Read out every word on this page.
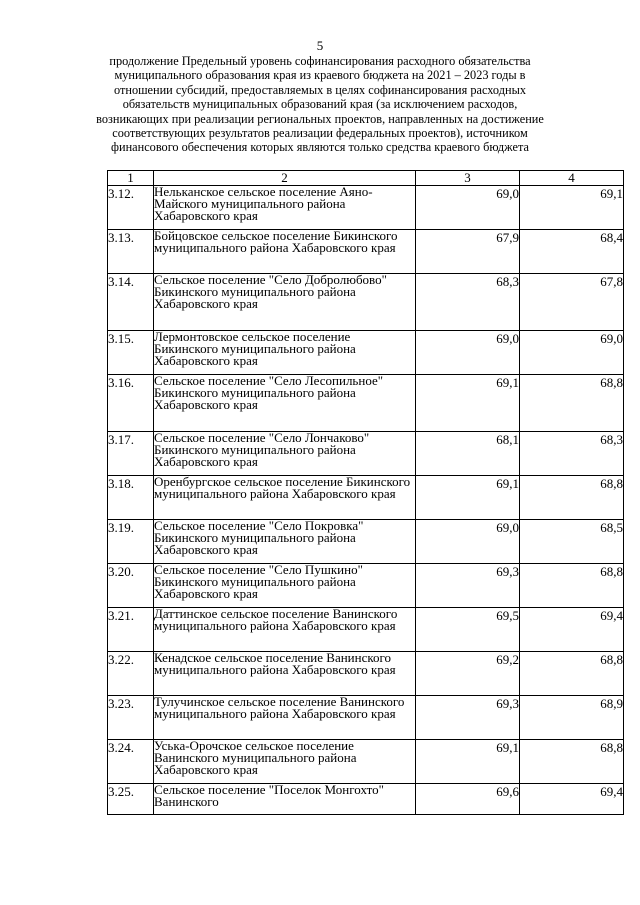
5
продолжение Предельный уровень софинансирования расходного обязательства муниципального образования края из краевого бюджета на 2021 – 2023 годы в отношении субсидий, предоставляемых в целях софинансирования расходных обязательств муниципальных образований края (за исключением расходов, возникающих при реализации региональных проектов, направленных на достижение соответствующих результатов реализации федеральных проектов), источником финансового обеспечения которых являются только средства краевого бюджета
1	2	3	4
3.12.	Нельканское сельское поселение Аяно-Майского муниципального района Хабаровского края	69,0	69,1
3.13.	Бойцовское сельское поселение Бикинского муниципального района Хабаровского края	67,9	68,4
3.14.	Сельское поселение "Село Добролюбово" Бикинского муниципального района Хабаровского края	68,3	67,8
3.15.	Лермонтовское сельское поселение Бикинского муниципального района Хабаровского края	69,0	69,0
3.16.	Сельское поселение "Село Лесопильное" Бикинского муниципального района Хабаровского края	69,1	68,8
3.17.	Сельское поселение "Село Лончаково" Бикинского муниципального района Хабаровского края	68,1	68,3
3.18.	Оренбургское сельское поселение Бикинского муниципального района Хабаровского края	69,1	68,8
3.19.	Сельское поселение "Село Покровка" Бикинского муниципального района Хабаровского края	69,0	68,5
3.20.	Сельское поселение "Село Пушкино" Бикинского муниципального района Хабаровского края	69,3	68,8
3.21.	Даттинское сельское поселение Ванинского муниципального района Хабаровского края	69,5	69,4
3.22.	Кенадское сельское поселение Ванинского муниципального района Хабаровского края	69,2	68,8
3.23.	Тулучинское сельское поселение Ванинского муниципального района Хабаровского края	69,3	68,9
3.24.	Уська-Орочское сельское поселение Ванинского муниципального района Хабаровского края	69,1	68,8
3.25.	Сельское поселение "Поселок Монгохто" Ванинского	69,6	69,4
